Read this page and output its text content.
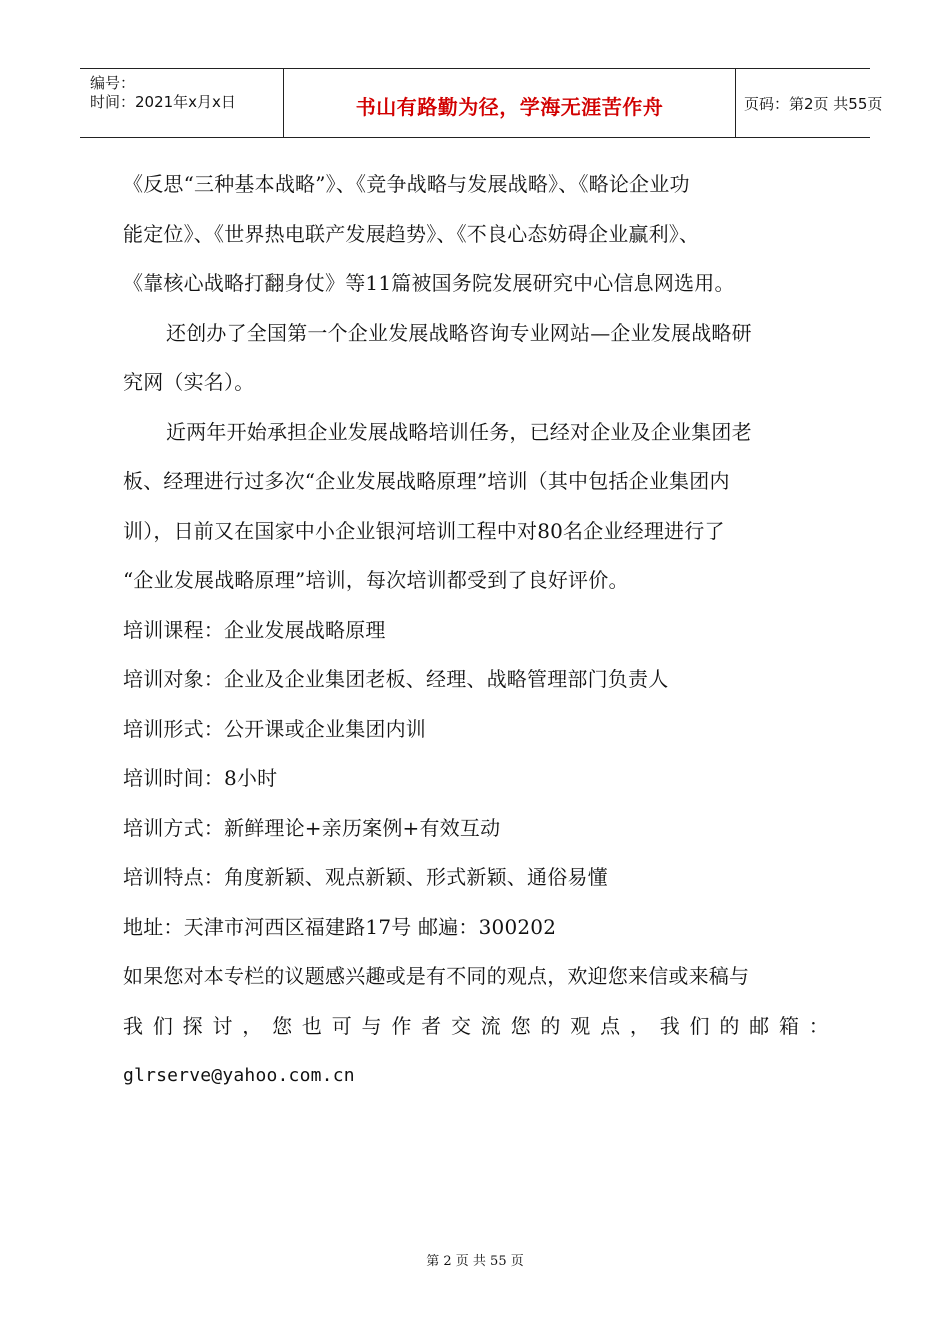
编号：
时间：2021年x月x日	书山有路勤为径，学海无涯苦作舟	页码：第2页 共55页
《反思“三种基本战略”》、《竞争战略与发展战略》、《略论企业功
能定位》、《世界热电联产发展趋势》、《不良心态妨碍企业赢利》、
《靠核心战略打翻身仗》等11篇被国务院发展研究中心信息网选用。
还创办了全国第一个企业发展战略咨询专业网站—企业发展战略研
究网（实名）。
近两年开始承担企业发展战略培训任务，已经对企业及企业集团老
板、经理进行过多次“企业发展战略原理”培训（其中包括企业集团内
训），日前又在国家中小企业银河培训工程中对80名企业经理进行了
“企业发展战略原理”培训，每次培训都受到了良好评价。
培训课程：企业发展战略原理
培训对象：企业及企业集团老板、经理、战略管理部门负责人
培训形式：公开课或企业集团内训
培训时间：8小时
培训方式：新鲜理论+亲历案例+有效互动
培训特点：角度新颖、观点新颖、形式新颖、通俗易懂
地址：天津市河西区福建路17号 邮遍：300202
如果您对本专栏的议题感兴趣或是有不同的观点，欢迎您来信或来稿与
我们探讨，您也可与作者交流您的观点，我们的邮箱：
glrserve@yahoo.com.cn
第 2 页 共 55 页
